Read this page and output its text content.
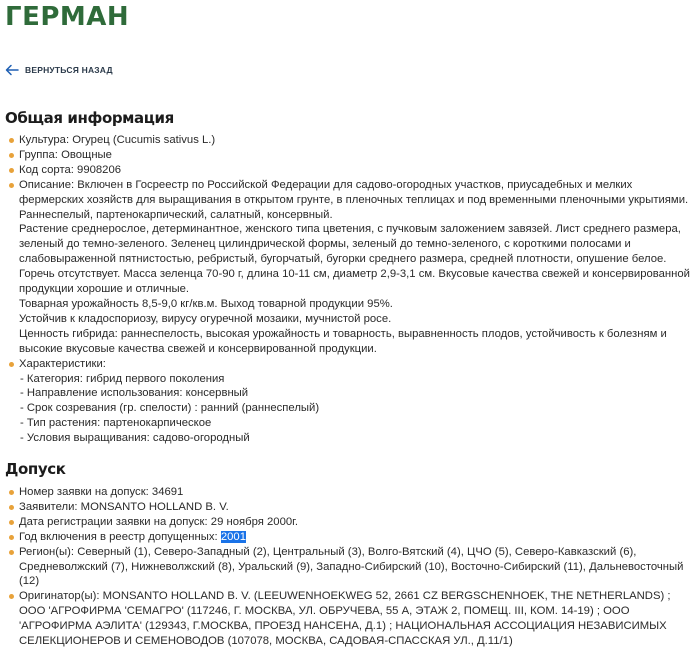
ГЕРМАН
ВЕРНУТЬСЯ НАЗАД
Общая информация
Культура: Огурец (Cucumis sativus L.)
Группа: Овощные
Код сорта: 9908206
Описание: Включен в Госреестр по Российской Федерации для садово-огородных участков, приусадебных и мелких фермерских хозяйств для выращивания в открытом грунте, в пленочных теплицах и под временными пленочными укрытиями.
Раннеспелый, партенокарпический, салатный, консервный.
Растение среднерослое, детерминантное, женского типа цветения, с пучковым заложением завязей. Лист среднего размера, зеленый до темно-зеленого. Зеленец цилиндрической формы, зеленый до темно-зеленого, с короткими полосами и слабовыраженной пятнистостью, ребристый, бугорчатый, бугорки среднего размера, средней плотности, опушение белое. Горечь отсутствует. Масса зеленца 70-90 г, длина 10-11 см, диаметр 2,9-3,1 см. Вкусовые качества свежей и консервированной продукции хорошие и отличные.
Товарная урожайность 8,5-9,0 кг/кв.м. Выход товарной продукции 95%.
Устойчив к кладоспориозу, вирусу огуречной мозаики, мучнистой росе.
Ценность гибрида: раннеспелость, высокая урожайность и товарность, выравненность плодов, устойчивость к болезням и высокие вкусовые качества свежей и консервированной продукции.
Характеристики:
- Категория: гибрид первого поколения
- Направление использования: консервный
- Срок созревания (гр. спелости) : ранний (раннеспелый)
- Тип растения: партенокарпическое
- Условия выращивания: садово-огородный
Допуск
Номер заявки на допуск: 34691
Заявители: MONSANTO HOLLAND B. V.
Дата регистрации заявки на допуск: 29 ноября 2000г.
Год включения в реестр допущенных: 2001
Регион(ы): Северный (1), Северо-Западный (2), Центральный (3), Волго-Вятский (4), ЦЧО (5), Северо-Кавказский (6), Средневолжский (7), Нижневолжский (8), Уральский (9), Западно-Сибирский (10), Восточно-Сибирский (11), Дальневосточный (12)
Оригинатор(ы): MONSANTO HOLLAND B. V. (LEEUWENHOEKWEG 52, 2661 CZ BERGSCHENHOEK, THE NETHERLANDS) ; ООО 'АГРОФИРМА 'СЕМАГРО' (117246, Г. МОСКВА, УЛ. ОБРУЧЕВА, 55 А, ЭТАЖ 2, ПОМЕЩ. III, КОМ. 14-19) ; ООО 'АГРОФИРМА АЭЛИТА' (129343, Г.МОСКВА, ПРОЕЗД НАНСЕНА, Д.1) ; НАЦИОНАЛЬНАЯ АССОЦИАЦИЯ НЕЗАВИСИМЫХ СЕЛЕКЦИОНЕРОВ И СЕМЕНОВОДОВ (107078, МОСКВА, САДОВАЯ-СПАССКАЯ УЛ., Д.11/1)
